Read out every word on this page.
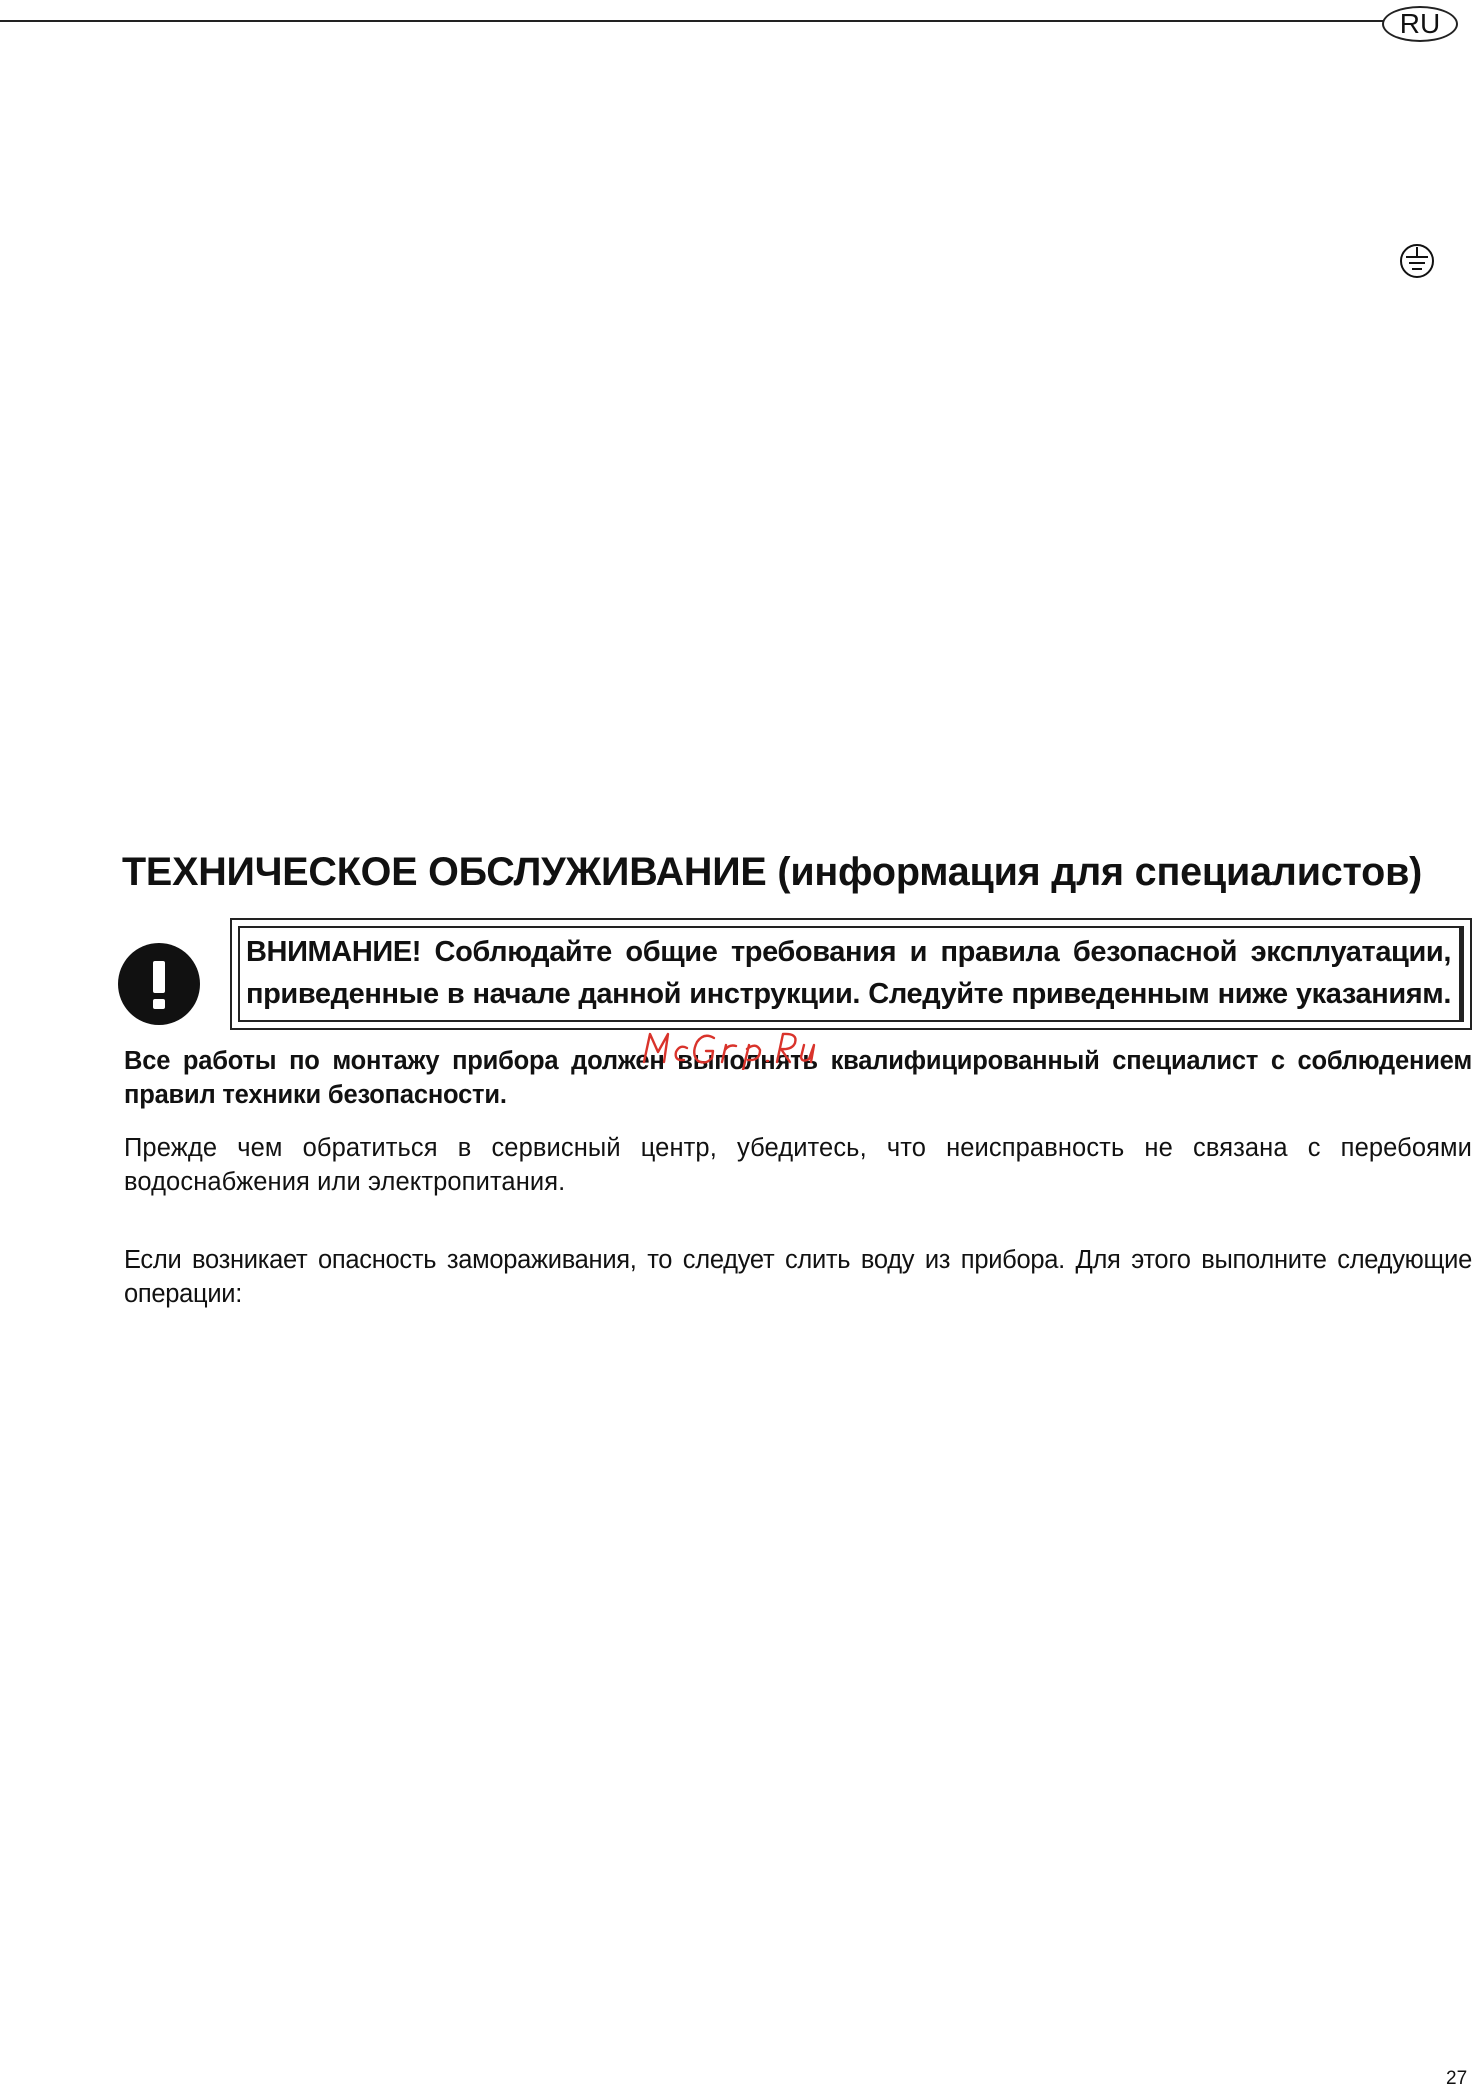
RU
ТЕХНИЧЕСКОЕ ОБСЛУЖИВАНИЕ (информация для специалистов)
ВНИМАНИЕ! Соблюдайте общие требования и правила безопасной эксплуатации, приведенные в начале данной инструкции. Следуйте приведенным ниже указаниям.
Все работы по монтажу прибора должен выполнять квалифицированный специалист с соблюдением правил техники безопасности.
Прежде чем обратиться в сервисный центр, убедитесь, что неисправность не связана с перебоями водоснабжения или электропитания.
Если возникает опасность замораживания, то следует слить воду из прибора. Для этого выполните следующие операции:
27
